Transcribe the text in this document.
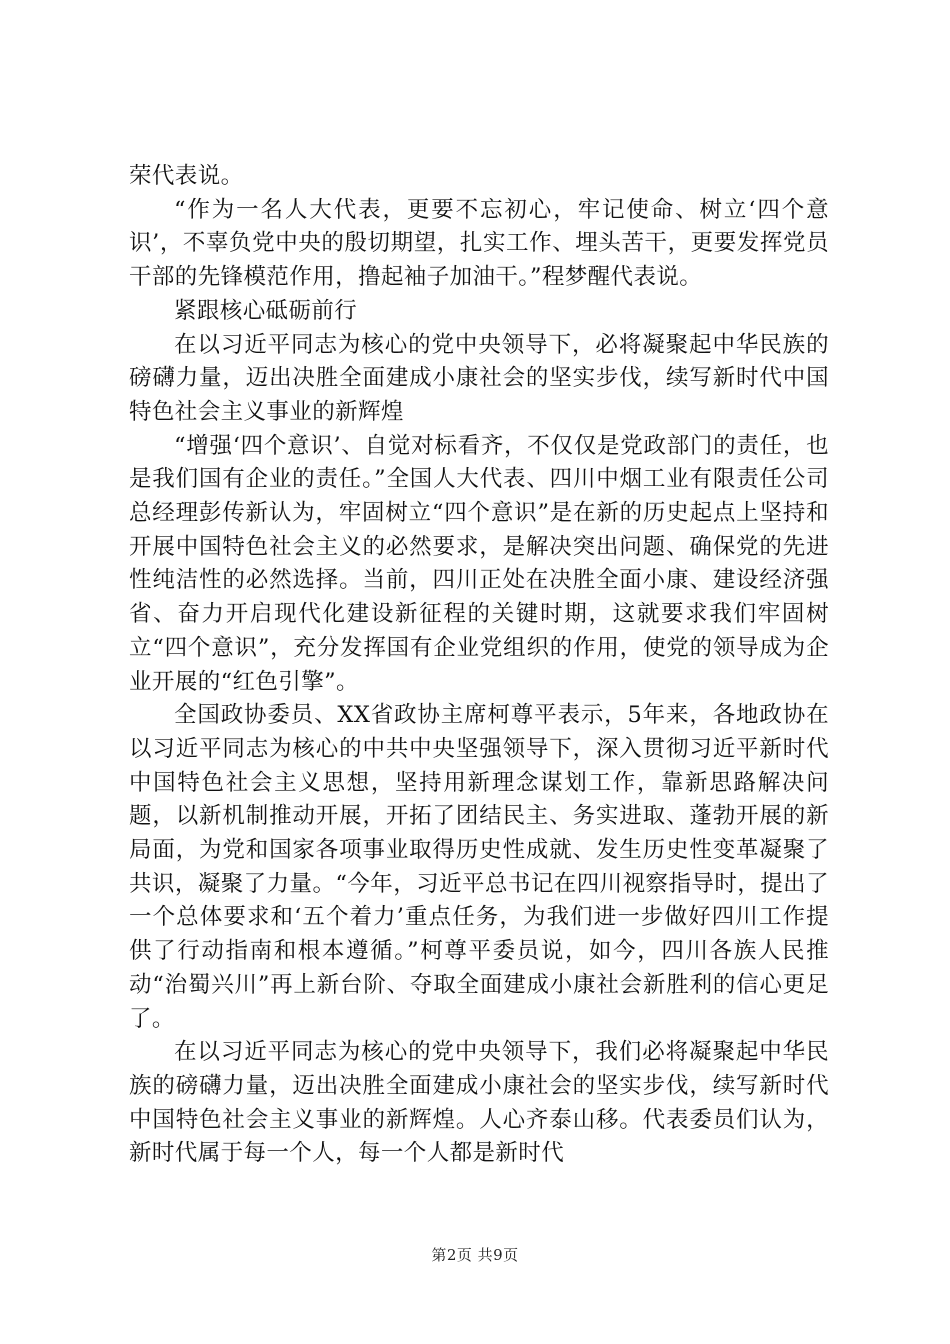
荣代表说。

“作为一名人大代表，更要不忘初心，牢记使命、树立‘四个意识’，不辜负党中央的殷切期望，扎实工作、埋头苦干，更要发挥党员干部的先锋模范作用，撸起袖子加油干。”程梦醒代表说。

紧跟核心砥砺前行

在以习近平同志为核心的党中央领导下，必将凝聚起中华民族的磅礴力量，迈出决胜全面建成小康社会的坚实步伐，续写新时代中国特色社会主义事业的新辉煌

“增强‘四个意识’、自觉对标看齐，不仅仅是党政部门的责任，也是我们国有企业的责任。”全国人大代表、四川中烟工业有限责任公司总经理彭传新认为，牢固树立“四个意识”是在新的历史起点上坚持和开展中国特色社会主义的必然要求，是解决突出问题、确保党的先进性纯洁性的必然选择。当前，四川正处在决胜全面小康、建设经济强省、奋力开启现代化建设新征程的关键时期，这就要求我们牢固树立“四个意识”，充分发挥国有企业党组织的作用，使党的领导成为企业开展的“红色引擎”。

全国政协委员、XX省政协主席柯尊平表示，5年来，各地政协在以习近平同志为核心的中共中央坚强领导下，深入贯彻习近平新时代中国特色社会主义思想，坚持用新理念谋划工作，靠新思路解决问题，以新机制推动开展，开拓了团结民主、务实进取、蓬勃开展的新局面，为党和国家各项事业取得历史性成就、发生历史性变革凝聚了共识，凝聚了力量。“今年，习近平总书记在四川视察指导时，提出了一个总体要求和‘五个着力’重点任务，为我们进一步做好四川工作提供了行动指南和根本遵循。”柯尊平委员说，如今，四川各族人民推动“治蜀兴川”再上新台阶、夺取全面建成小康社会新胜利的信心更足了。

在以习近平同志为核心的党中央领导下，我们必将凝聚起中华民族的磅礴力量，迈出决胜全面建成小康社会的坚实步伐，续写新时代中国特色社会主义事业的新辉煌。人心齐泰山移。代表委员们认为，新时代属于每一个人，每一个人都是新时代

第2页 共9页
